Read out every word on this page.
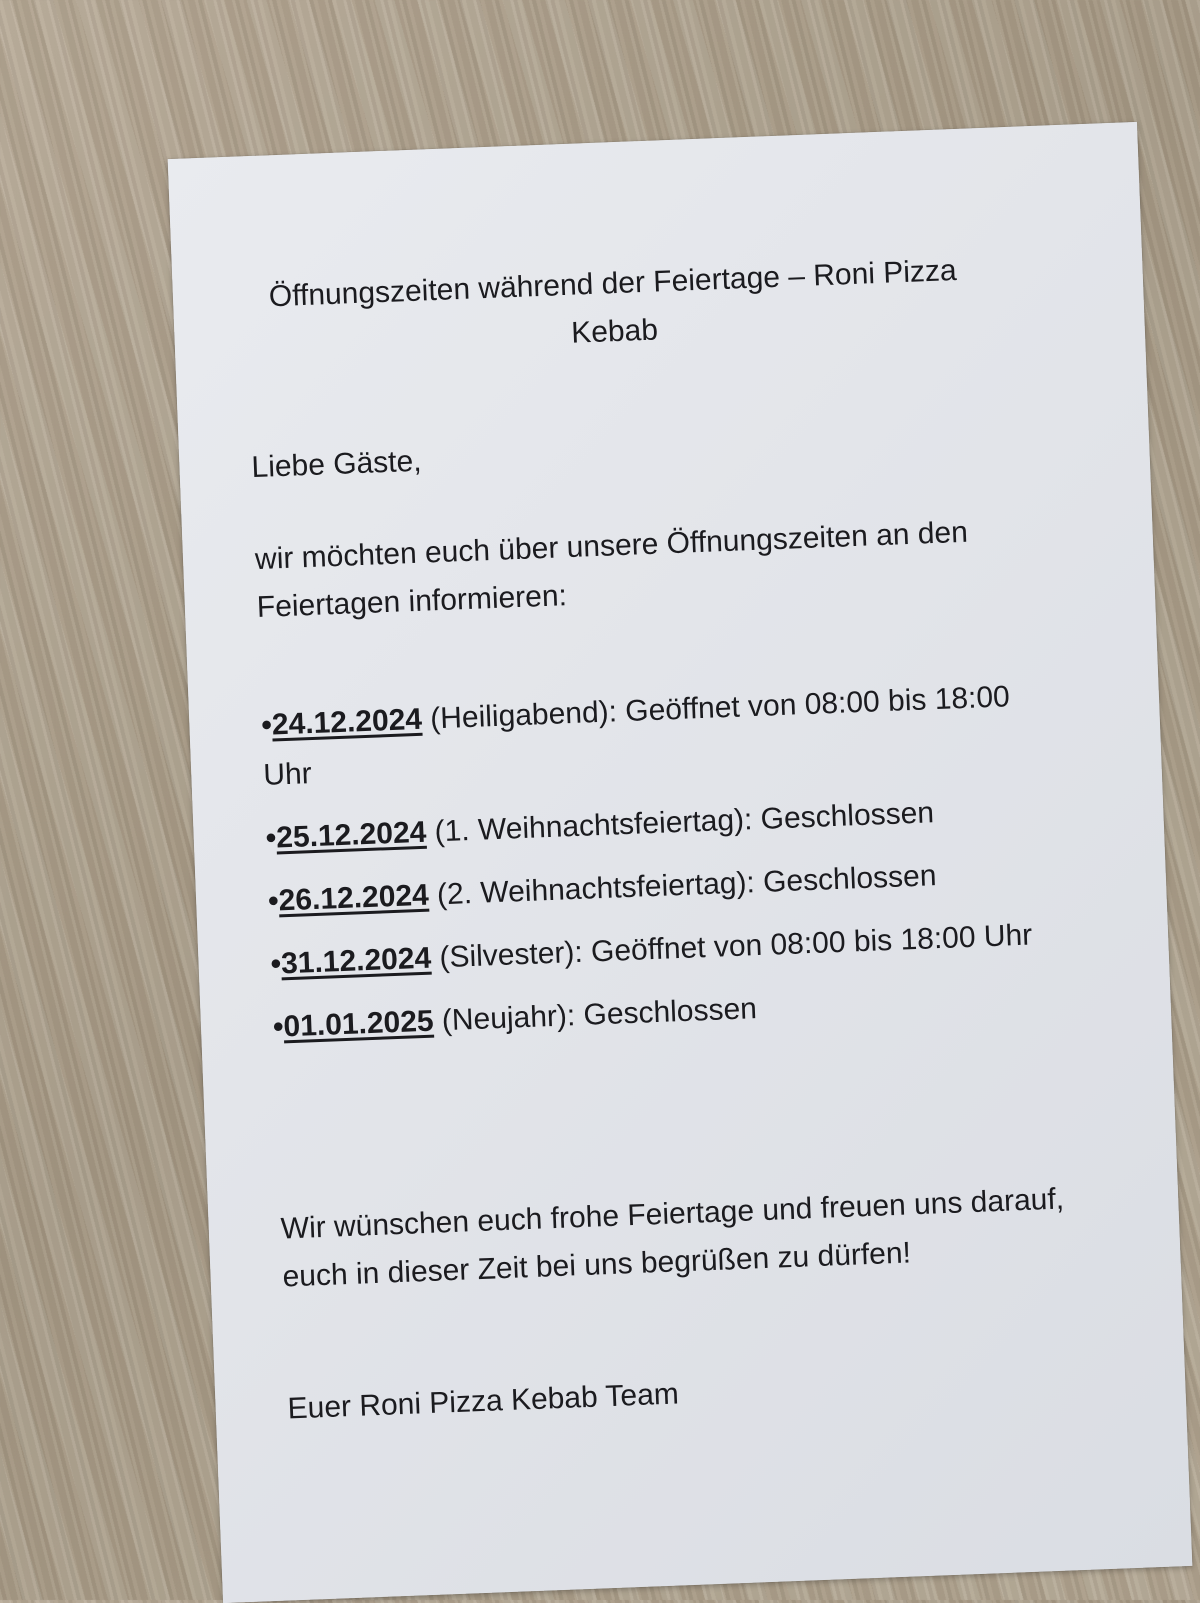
Öffnungszeiten während der Feiertage – Roni Pizza Kebab
Liebe Gäste,
wir möchten euch über unsere Öffnungszeiten an den Feiertagen informieren:
•24.12.2024 (Heiligabend): Geöffnet von 08:00 bis 18:00 Uhr
•25.12.2024 (1. Weihnachtsfeiertag): Geschlossen
•26.12.2024 (2. Weihnachtsfeiertag): Geschlossen
•31.12.2024 (Silvester): Geöffnet von 08:00 bis 18:00 Uhr
•01.01.2025 (Neujahr): Geschlossen
Wir wünschen euch frohe Feiertage und freuen uns darauf, euch in dieser Zeit bei uns begrüßen zu dürfen!
Euer Roni Pizza Kebab Team
